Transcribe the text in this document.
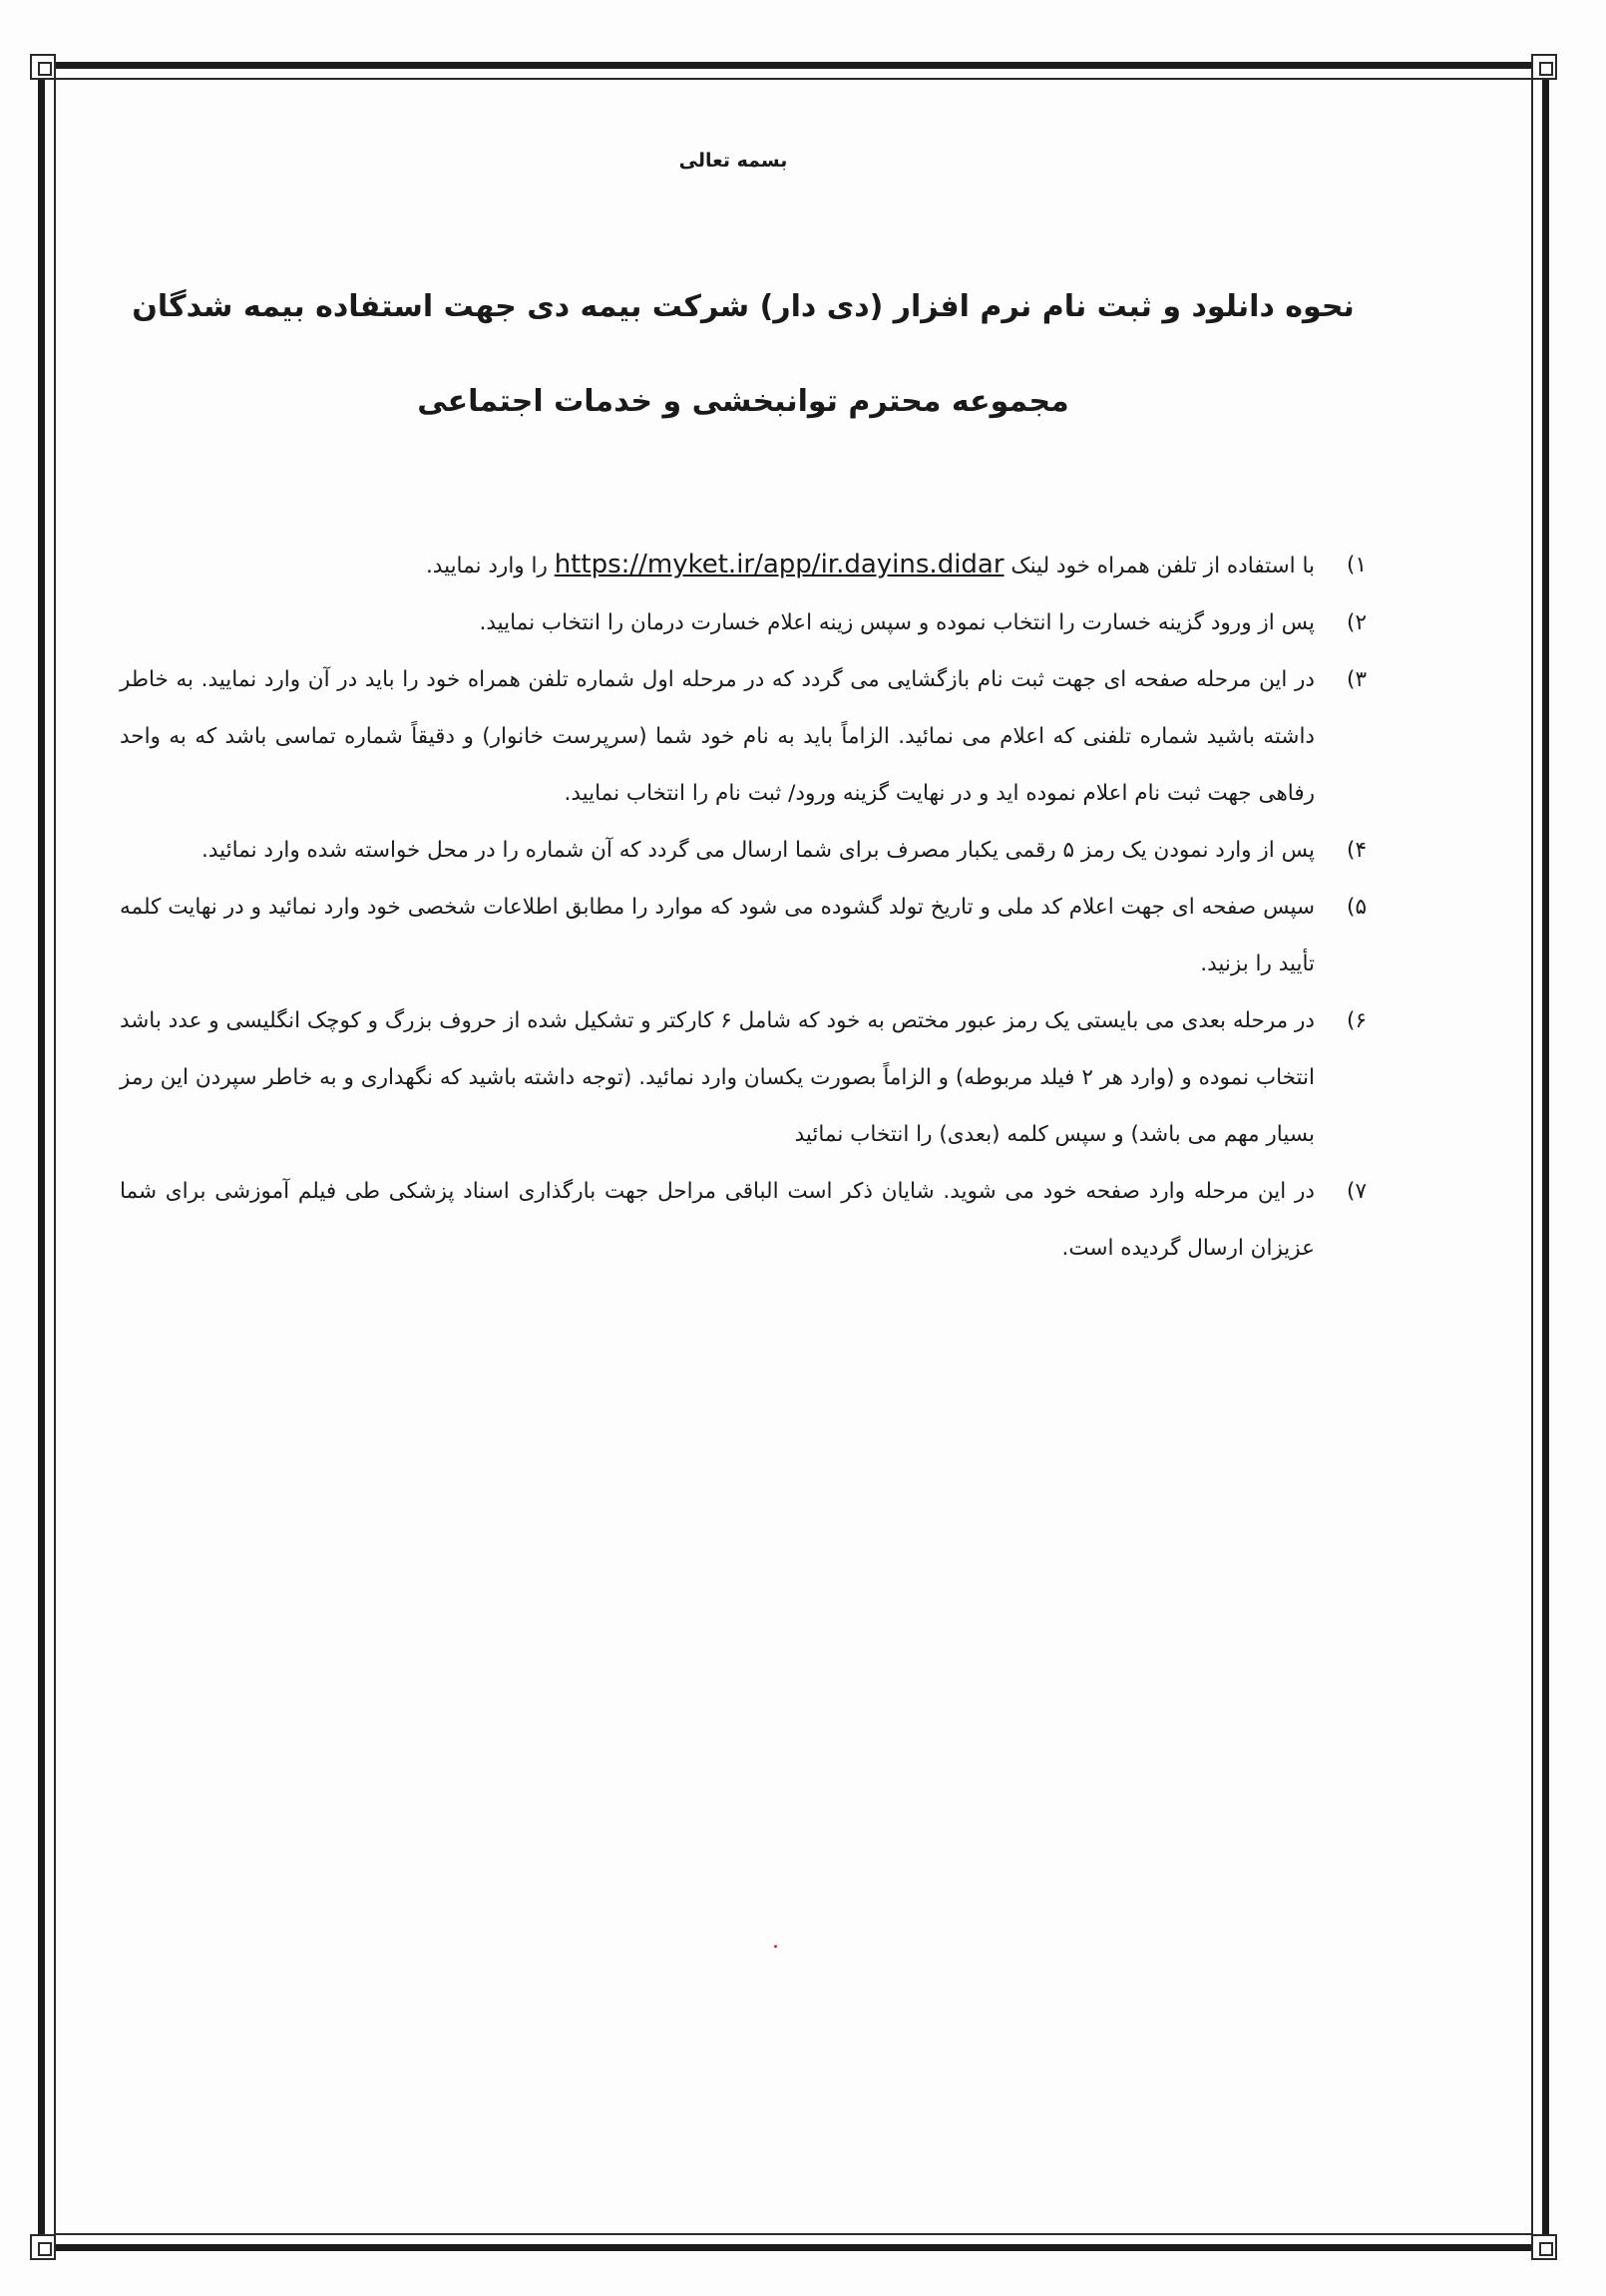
بسمه تعالی
نحوه دانلود و ثبت نام نرم افزار (دی دار) شرکت بیمه دی جهت استفاده بیمه شدگان
مجموعه محترم توانبخشی و خدمات اجتماعی
۱)
با استفاده از تلفن همراه خود لینک https://myket.ir/app/ir.dayins.didar را وارد نمایید.
۲)
پس از ورود گزینه خسارت را انتخاب نموده و سپس زینه اعلام خسارت درمان را انتخاب نمایید.
۳)
در این مرحله صفحه ای جهت ثبت نام بازگشایی می گردد که در مرحله اول شماره تلفن همراه خود را باید در آن وارد نمایید. به خاطر داشته باشید شماره تلفنی که اعلام می نمائید. الزاماً باید به نام خود شما (سرپرست خانوار) و دقیقاً شماره تماسی باشد که به واحد رفاهی جهت ثبت نام اعلام نموده اید و در نهایت گزینه ورود/ ثبت نام را انتخاب نمایید.
۴)
پس از وارد نمودن یک رمز ۵ رقمی یکبار مصرف برای شما ارسال می گردد که آن شماره را در محل خواسته شده وارد نمائید.
۵)
سپس صفحه ای جهت اعلام کد ملی و تاریخ تولد گشوده می شود که موارد را مطابق اطلاعات شخصی خود وارد نمائید و در نهایت کلمه تأیید را بزنید.
۶)
در مرحله بعدی می بایستی یک رمز عبور مختص به خود که شامل ۶ کارکتر و تشکیل شده از حروف بزرگ و کوچک انگلیسی و عدد باشد انتخاب نموده و (وارد هر ۲ فیلد مربوطه) و الزاماً بصورت یکسان وارد نمائید. (توجه داشته باشید که نگهداری و به خاطر سپردن این رمز بسیار مهم می باشد) و سپس کلمه (بعدی) را انتخاب نمائید
۷)
در این مرحله وارد صفحه خود می شوید. شایان ذکر است الباقی مراحل جهت بارگذاری اسناد پزشکی طی فیلم آموزشی برای شما عزیزان ارسال گردیده است.
